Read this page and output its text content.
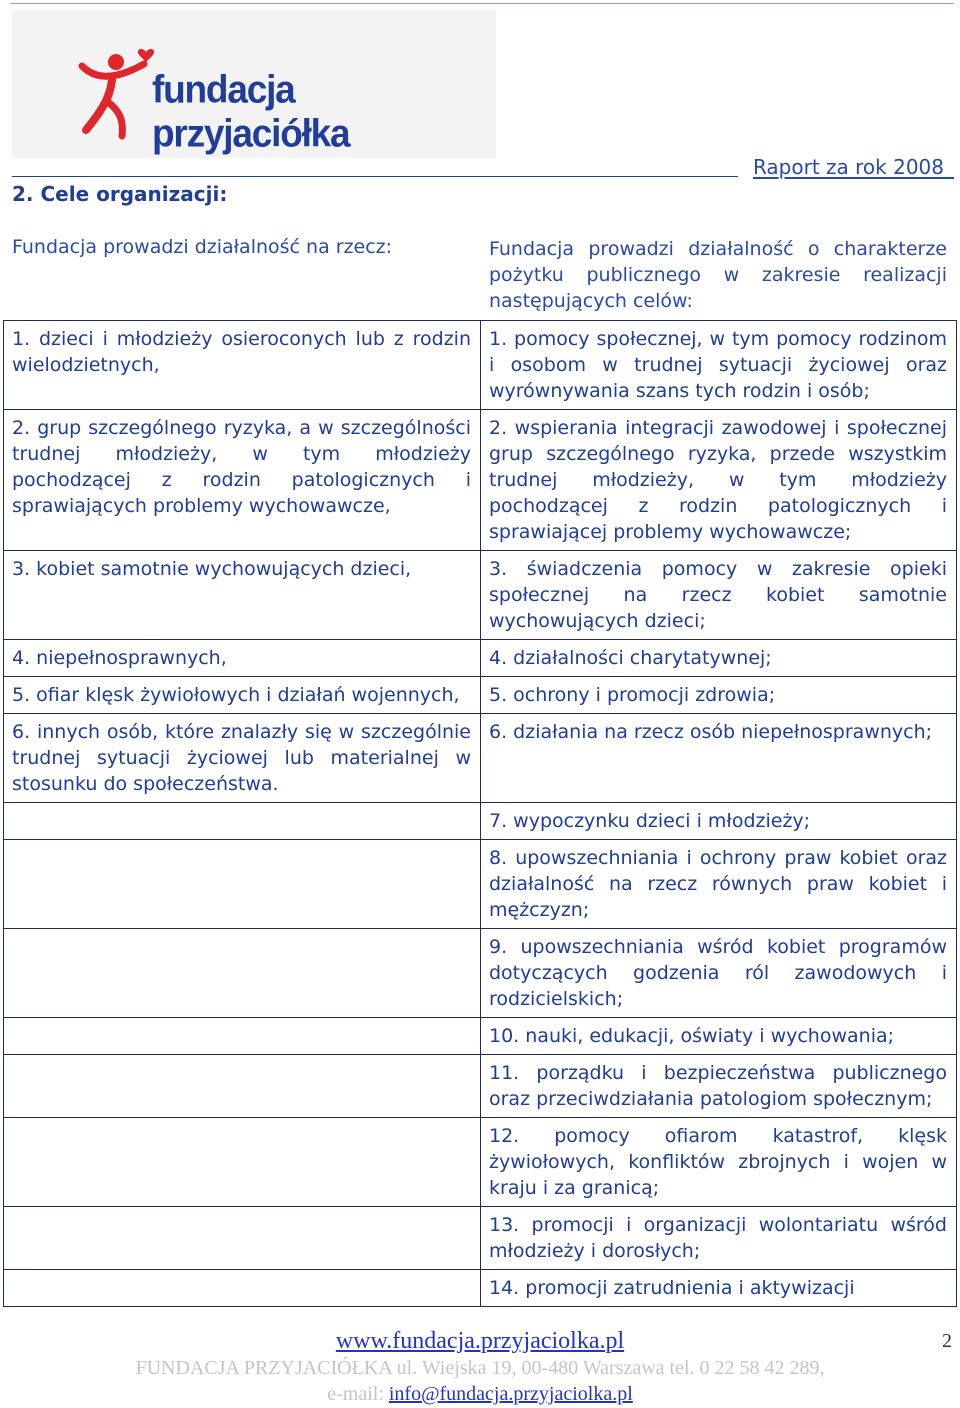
fundacja przyjaciółka
Raport za rok 2008_
2. Cele organizacji:
Fundacja prowadzi działalność na rzecz:	Fundacja prowadzi działalność o charakterze pożytku publicznego w zakresie realizacji następujących celów:
1. dzieci i młodzieży osieroconych lub z rodzin wielodzietnych,	1. pomocy społecznej, w tym pomocy rodzinom i osobom w trudnej sytuacji życiowej oraz wyrównywania szans tych rodzin i osób;
2. grup szczególnego ryzyka, a w szczególności trudnej młodzieży, w tym młodzieży pochodzącej z rodzin patologicznych i sprawiających problemy wychowawcze,	2. wspierania integracji zawodowej i społecznej grup szczególnego ryzyka, przede wszystkim trudnej młodzieży, w tym młodzieży pochodzącej z rodzin patologicznych i sprawiającej problemy wychowawcze;
3. kobiet samotnie wychowujących dzieci,	3. świadczenia pomocy w zakresie opieki społecznej na rzecz kobiet samotnie wychowujących dzieci;
4. niepełnosprawnych,	4. działalności charytatywnej;
5. ofiar klęsk żywiołowych i działań wojennych,	5. ochrony i promocji zdrowia;
6. innych osób, które znalazły się w szczególnie trudnej sytuacji życiowej lub materialnej w stosunku do społeczeństwa.	6. działania na rzecz osób niepełnosprawnych;
	7. wypoczynku dzieci i młodzieży;
	8. upowszechniania i ochrony praw kobiet oraz działalność na rzecz równych praw kobiet i mężczyzn;
	9. upowszechniania wśród kobiet programów dotyczących godzenia ról zawodowych i rodzicielskich;
	10. nauki, edukacji, oświaty i wychowania;
	11. porządku i bezpieczeństwa publicznego oraz przeciwdziałania patologiom społecznym;
	12. pomocy ofiarom katastrof, klęsk żywiołowych, konfliktów zbrojnych i wojen w kraju i za granicą;
	13. promocji i organizacji wolontariatu wśród młodzieży i dorosłych;
	14. promocji zatrudnienia i aktywizacji
www.fundacja.przyjaciolka.pl	2
FUNDACJA PRZYJACIÓŁKA ul. Wiejska 19, 00-480 Warszawa tel. 0 22 58 42 289,
e-mail: info@fundacja.przyjaciolka.pl
